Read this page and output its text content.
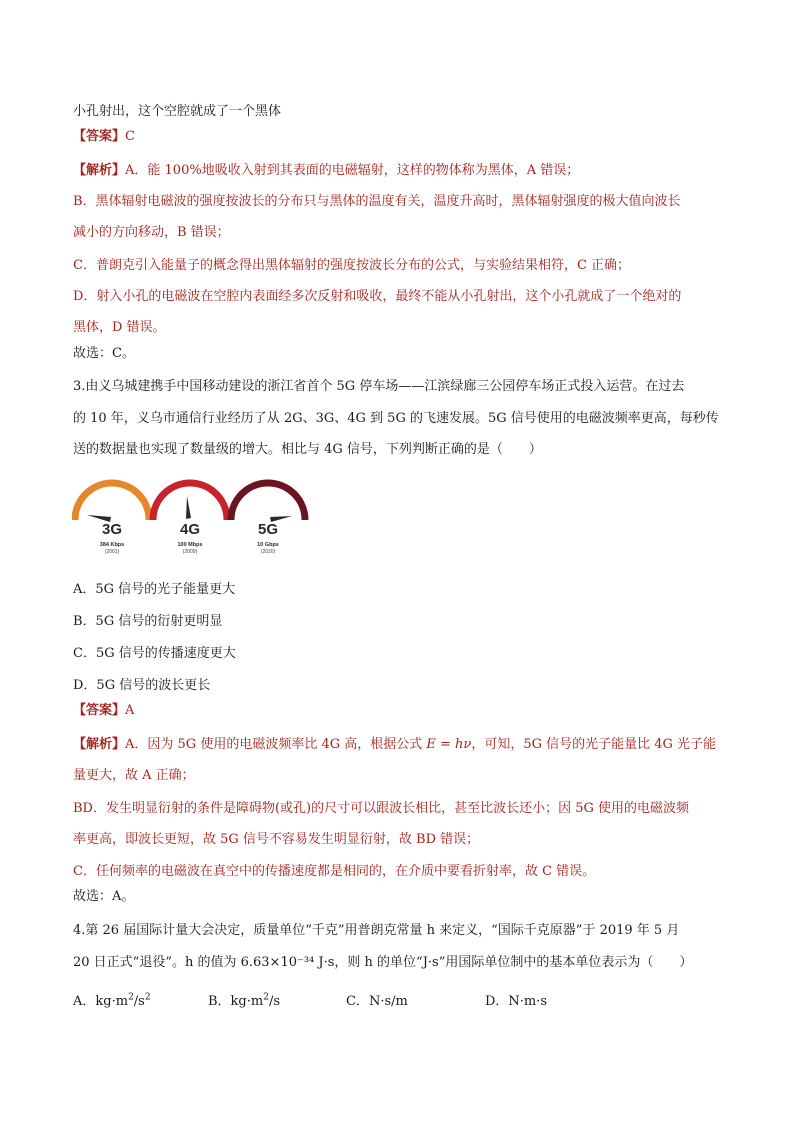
小孔射出，这个空腔就成了一个黑体
【答案】C
【解析】A．能 100%地吸收入射到其表面的电磁辐射，这样的物体称为黑体，A 错误；
B．黑体辐射电磁波的强度按波长的分布只与黑体的温度有关，温度升高时，黑体辐射强度的极大值向波长
减小的方向移动，B 错误；
C．普朗克引入能量子的概念得出黑体辐射的强度按波长分布的公式，与实验结果相符，C 正确；
D．射入小孔的电磁波在空腔内表面经多次反射和吸收，最终不能从小孔射出，这个小孔就成了一个绝对的
黑体，D 错误。
故选：C。
3.由义乌城建携手中国移动建设的浙江省首个 5G 停车场——江滨绿廊三公园停车场正式投入运营。在过去
的 10 年，义乌市通信行业经历了从 2G、3G、4G 到 5G 的飞速发展。5G 信号使用的电磁波频率更高，每秒传
送的数据量也实现了数量级的增大。相比与 4G 信号，下列判断正确的是（　　）
3G
384 Kbps
(2001)
4G
100 Mbps
(2009)
5G
10 Gbps
(2020)
A．5G 信号的光子能量更大
B．5G 信号的衍射更明显
C．5G 信号的传播速度更大
D．5G 信号的波长更长
【答案】A
【解析】A．因为 5G 使用的电磁波频率比 4G 高，根据公式 E = hν，可知，5G 信号的光子能量比 4G 光子能
量更大，故 A 正确；
BD．发生明显衍射的条件是障碍物(或孔)的尺寸可以跟波长相比，甚至比波长还小；因 5G 使用的电磁波频
率更高，即波长更短，故 5G 信号不容易发生明显衍射，故 BD 错误；
C．任何频率的电磁波在真空中的传播速度都是相同的，在介质中要看折射率，故 C 错误。
故选：A。
4.第 26 届国际计量大会决定，质量单位“千克”用普朗克常量 h 来定义，“国际千克原器”于 2019 年 5 月
20 日正式“退役”。h 的值为 6.63×10⁻³⁴ J·s，则 h 的单位“J·s”用国际单位制中的基本单位表示为（　　）
A．$kg\cdot m^2/s^2$	B．$kg\cdot m^2/s$	C．N·s/m	D．N·m·s
